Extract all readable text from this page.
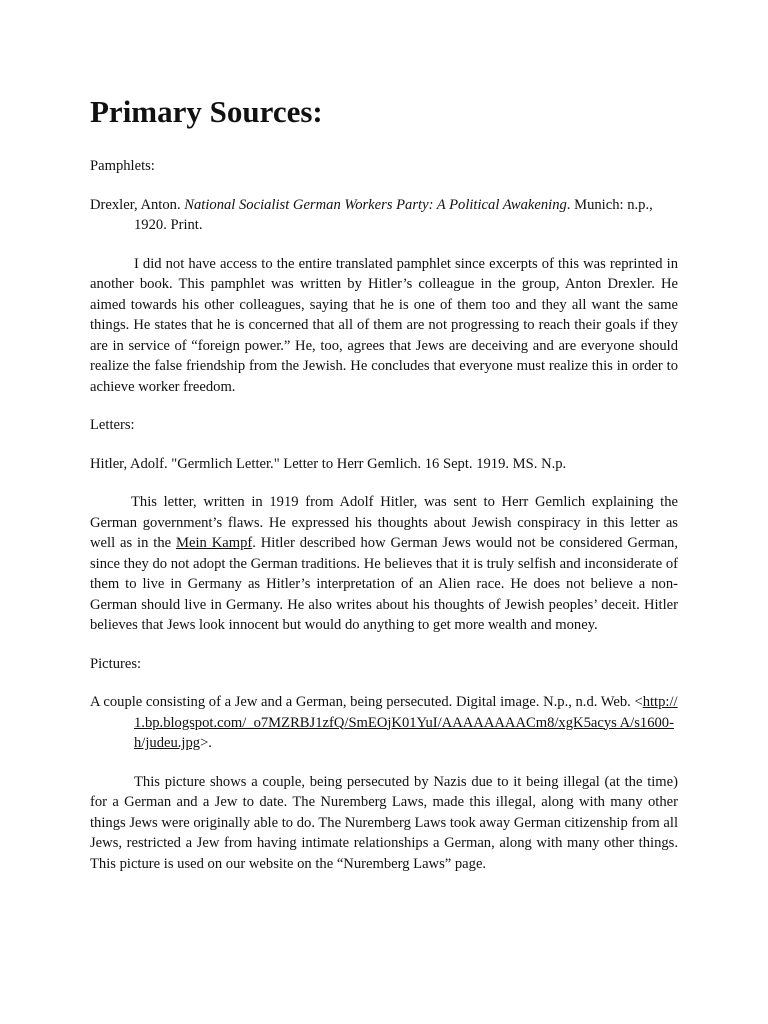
Primary Sources:
Pamphlets:
Drexler, Anton. National Socialist German Workers Party: A Political Awakening. Munich: n.p., 1920. Print.
I did not have access to the entire translated pamphlet since excerpts of this was reprinted in another book. This pamphlet was written by Hitler’s colleague in the group, Anton Drexler. He aimed towards his other colleagues, saying that he is one of them too and they all want the same things. He states that he is concerned that all of them are not progressing to reach their goals if they are in service of “foreign power.” He, too, agrees that Jews are deceiving and are everyone should realize the false friendship from the Jewish. He concludes that everyone must realize this in order to achieve worker freedom.
Letters:
Hitler, Adolf. "Germlich Letter." Letter to Herr Gemlich. 16 Sept. 1919. MS. N.p.
This letter, written in 1919 from Adolf Hitler, was sent to Herr Gemlich explaining the German government’s flaws. He expressed his thoughts about Jewish conspiracy in this letter as well as in the Mein Kampf. Hitler described how German Jews would not be considered German, since they do not adopt the German traditions. He believes that it is truly selfish and inconsiderate of them to live in Germany as Hitler’s interpretation of an Alien race. He does not believe a non-German should live in Germany. He also writes about his thoughts of Jewish peoples’ deceit. Hitler believes that Jews look innocent but would do anything to get more wealth and money.
Pictures:
A couple consisting of a Jew and a German, being persecuted. Digital image. N.p., n.d. Web. <http://1.bp.blogspot.com/_o7MZRBJ1zfQ/SmEOjK01YuI/AAAAAAAACm8/xgK5acys A/s1600-h/judeu.jpg>.
This picture shows a couple, being persecuted by Nazis due to it being illegal (at the time) for a German and a Jew to date. The Nuremberg Laws, made this illegal, along with many other things Jews were originally able to do. The Nuremberg Laws took away German citizenship from all Jews, restricted a Jew from having intimate relationships a German, along with many other things. This picture is used on our website on the “Nuremberg Laws” page.
